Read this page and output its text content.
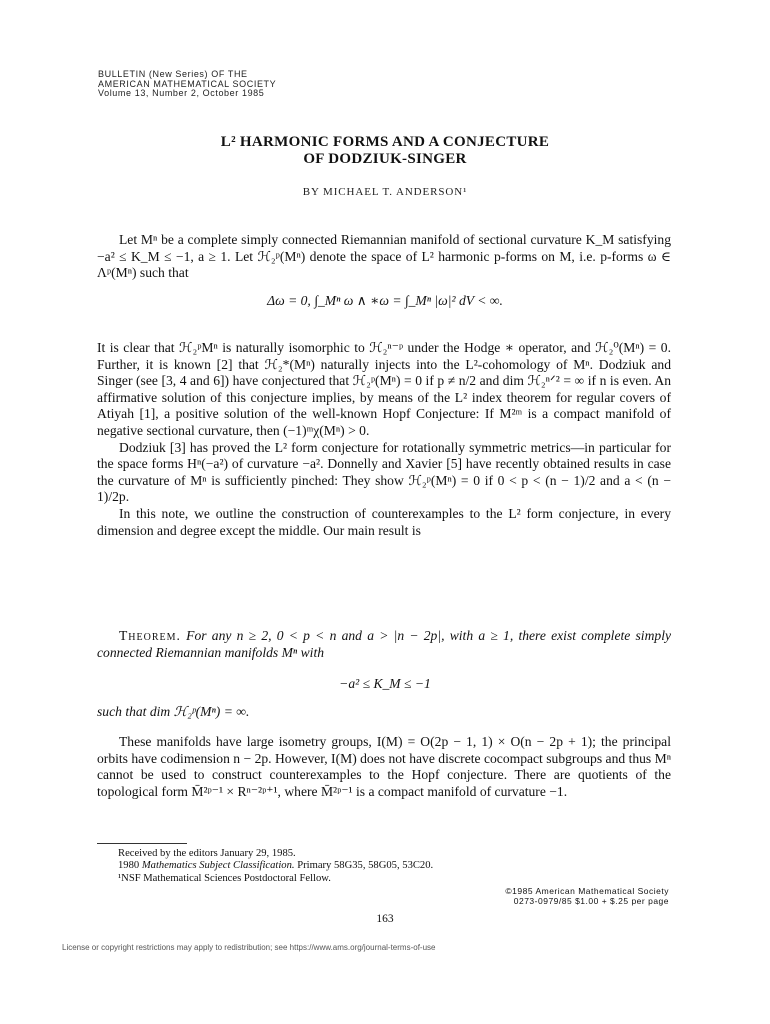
BULLETIN (New Series) OF THE
AMERICAN MATHEMATICAL SOCIETY
Volume 13, Number 2, October 1985
L² HARMONIC FORMS AND A CONJECTURE
OF DODZIUK-SINGER
BY MICHAEL T. ANDERSON¹

Let Mⁿ be a complete simply connected Riemannian manifold of sectional curvature K_M satisfying −a² ≤ K_M ≤ −1, a ≥ 1. Let ℋ₂ᵖ(Mⁿ) denote the space of L² harmonic p-forms on M, i.e. p-forms ω ∈ Λᵖ(Mⁿ) such that

Δω = 0, ∫_Mⁿ ω ∧ ∗ω = ∫_Mⁿ |ω|² dV < ∞.

It is clear that ℋ₂ᵖMⁿ is naturally isomorphic to ℋ₂ⁿ⁻ᵖ under the Hodge ∗ operator, and ℋ₂⁰(Mⁿ) = 0. Further, it is known [2] that ℋ₂*(Mⁿ) naturally injects into the L²-cohomology of Mⁿ. Dodziuk and Singer (see [3, 4 and 6]) have conjectured that ℋ₂ᵖ(Mⁿ) = 0 if p ≠ n/2 and dim ℋ₂ⁿᐟ² = ∞ if n is even. An affirmative solution of this conjecture implies, by means of the L² index theorem for regular covers of Atiyah [1], a positive solution of the well-known Hopf Conjecture: If M²ᵐ is a compact manifold of negative sectional curvature, then (−1)ᵐχ(Mⁿ) > 0.

Dodziuk [3] has proved the L² form conjecture for rotationally symmetric metrics—in particular for the space forms Hⁿ(−a²) of curvature −a². Donnelly and Xavier [5] have recently obtained results in case the curvature of Mⁿ is sufficiently pinched: They show ℋ₂ᵖ(Mⁿ) = 0 if 0 < p < (n − 1)/2 and a < (n − 1)/2p.

In this note, we outline the construction of counterexamples to the L² form conjecture, in every dimension and degree except the middle. Our main result is

Theorem. For any n ≥ 2, 0 < p < n and a > |n − 2p|, with a ≥ 1, there exist complete simply connected Riemannian manifolds Mⁿ with

−a² ≤ K_M ≤ −1

such that dim ℋ₂ᵖ(Mⁿ) = ∞.

These manifolds have large isometry groups, I(M) = O(2p − 1, 1) × O(n − 2p + 1); the principal orbits have codimension n − 2p. However, I(M) does not have discrete cocompact subgroups and thus Mⁿ cannot be used to construct counterexamples to the Hopf conjecture. There are quotients of the topological form M̄²ᵖ⁻¹ × Rⁿ⁻²ᵖ⁺¹, where M̄²ᵖ⁻¹ is a compact manifold of curvature −1.

Received by the editors January 29, 1985.
1980 Mathematics Subject Classification. Primary 58G35, 58G05, 53C20.
¹NSF Mathematical Sciences Postdoctoral Fellow.
©1985 American Mathematical Society
0273-0979/85 $1.00 + $.25 per page
163
License or copyright restrictions may apply to redistribution; see https://www.ams.org/journal-terms-of-use
